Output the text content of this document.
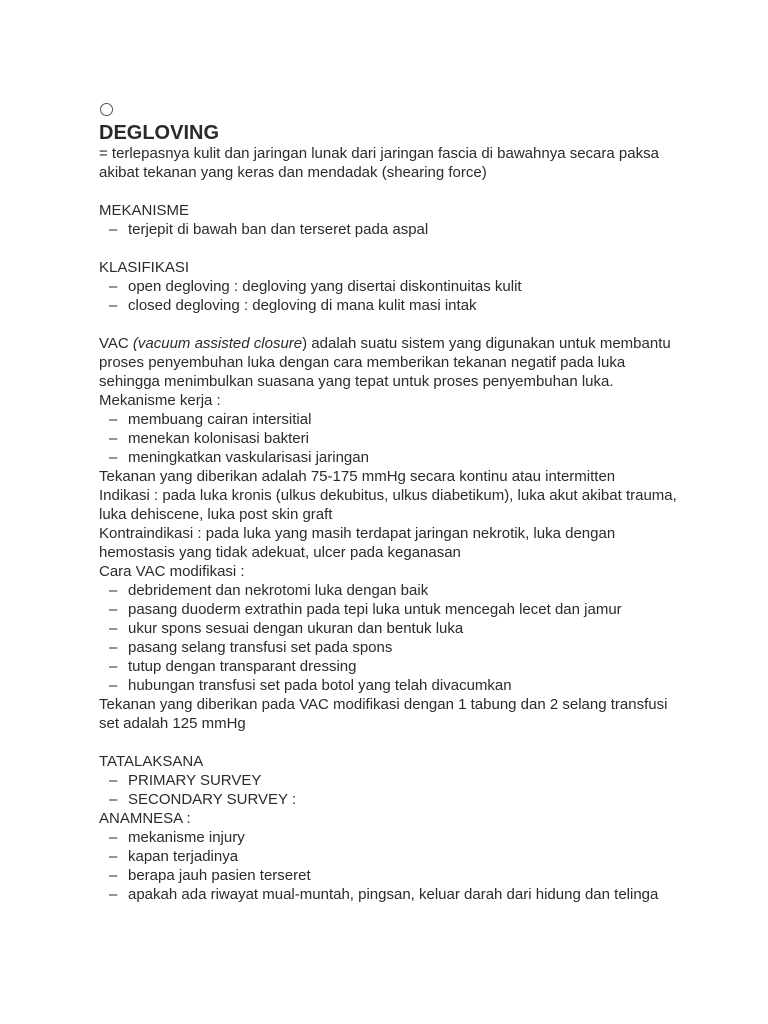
DEGLOVING

= terlepasnya kulit dan jaringan lunak dari jaringan fascia di bawahnya secara paksa akibat tekanan yang keras dan mendadak (shearing force)

MEKANISME

– terjepit di bawah ban dan terseret pada aspal

KLASIFIKASI

– open degloving : degloving yang disertai diskontinuitas kulit
– closed degloving : degloving di mana kulit masi intak

VAC (vacuum assisted closure) adalah suatu sistem yang digunakan untuk membantu proses penyembuhan luka dengan cara memberikan tekanan negatif pada luka sehingga menimbulkan suasana yang tepat untuk proses penyembuhan luka.

Mekanisme kerja :

– membuang cairan intersitial
– menekan kolonisasi bakteri
– meningkatkan vaskularisasi jaringan

Tekanan yang diberikan adalah 75-175 mmHg secara kontinu atau intermitten

Indikasi : pada luka kronis (ulkus dekubitus, ulkus diabetikum), luka akut akibat trauma, luka dehiscene, luka post skin graft

Kontraindikasi : pada luka yang masih terdapat jaringan nekrotik, luka dengan hemostasis yang tidak adekuat, ulcer pada keganasan

Cara VAC modifikasi :

– debridement dan nekrotomi luka dengan baik
– pasang duoderm extrathin pada tepi luka untuk mencegah lecet dan jamur
– ukur spons sesuai dengan ukuran dan bentuk luka
– pasang selang transfusi set pada spons
– tutup dengan transparant dressing
– hubungan transfusi set pada botol yang telah divacumkan

Tekanan yang diberikan pada VAC modifikasi dengan 1 tabung dan 2 selang transfusi set adalah 125 mmHg

TATALAKSANA

– PRIMARY SURVEY
– SECONDARY SURVEY :

ANAMNESA :

– mekanisme injury
– kapan terjadinya
– berapa jauh pasien terseret
– apakah ada riwayat mual-muntah, pingsan, keluar darah dari hidung dan telinga
